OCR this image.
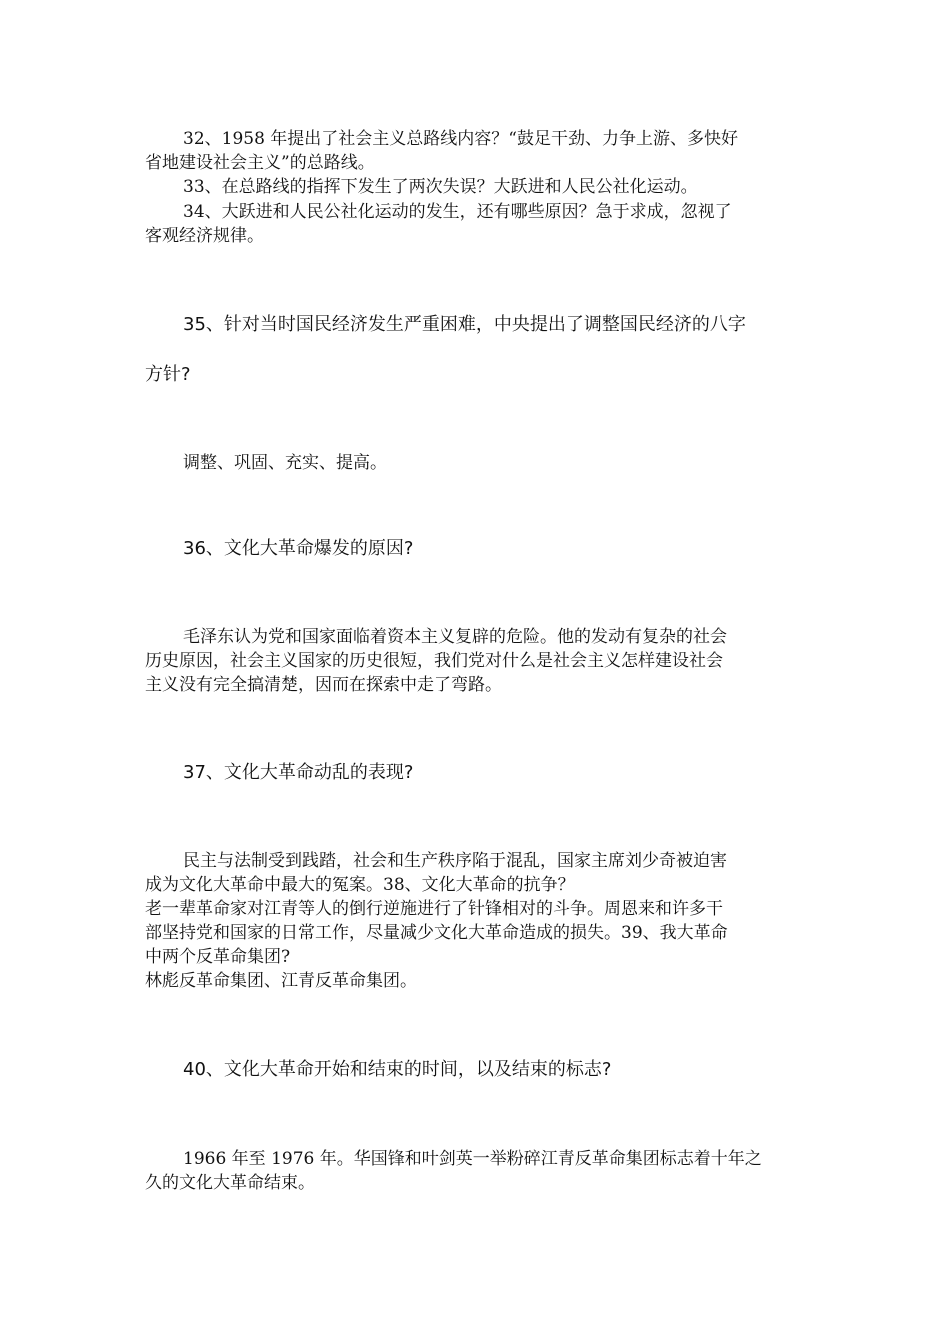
32、1958 年提出了社会主义总路线内容？“鼓足干劲、力争上游、多快好
省地建设社会主义”的总路线。

33、在总路线的指挥下发生了两次失误？大跃进和人民公社化运动。

34、大跃进和人民公社化运动的发生，还有哪些原因？急于求成，忽视了
客观经济规律。

35、针对当时国民经济发生严重困难，中央提出了调整国民经济的八字

方针?

调整、巩固、充实、提高。

36、文化大革命爆发的原因?

毛泽东认为党和国家面临着资本主义复辟的危险。他的发动有复杂的社会
历史原因，社会主义国家的历史很短，我们党对什么是社会主义怎样建设社会
主义没有完全搞清楚，因而在探索中走了弯路。

37、文化大革命动乱的表现?

民主与法制受到践踏，社会和生产秩序陷于混乱，国家主席刘少奇被迫害
成为文化大革命中最大的冤案。38、文化大革命的抗争？
老一辈革命家对江青等人的倒行逆施进行了针锋相对的斗争。周恩来和许多干
部坚持党和国家的日常工作，尽量减少文化大革命造成的损失。39、我大革命
中两个反革命集团?
林彪反革命集团、江青反革命集团。

40、文化大革命开始和结束的时间，以及结束的标志?

1966 年至 1976 年。华国锋和叶剑英一举粉碎江青反革命集团标志着十年之
久的文化大革命结束。
